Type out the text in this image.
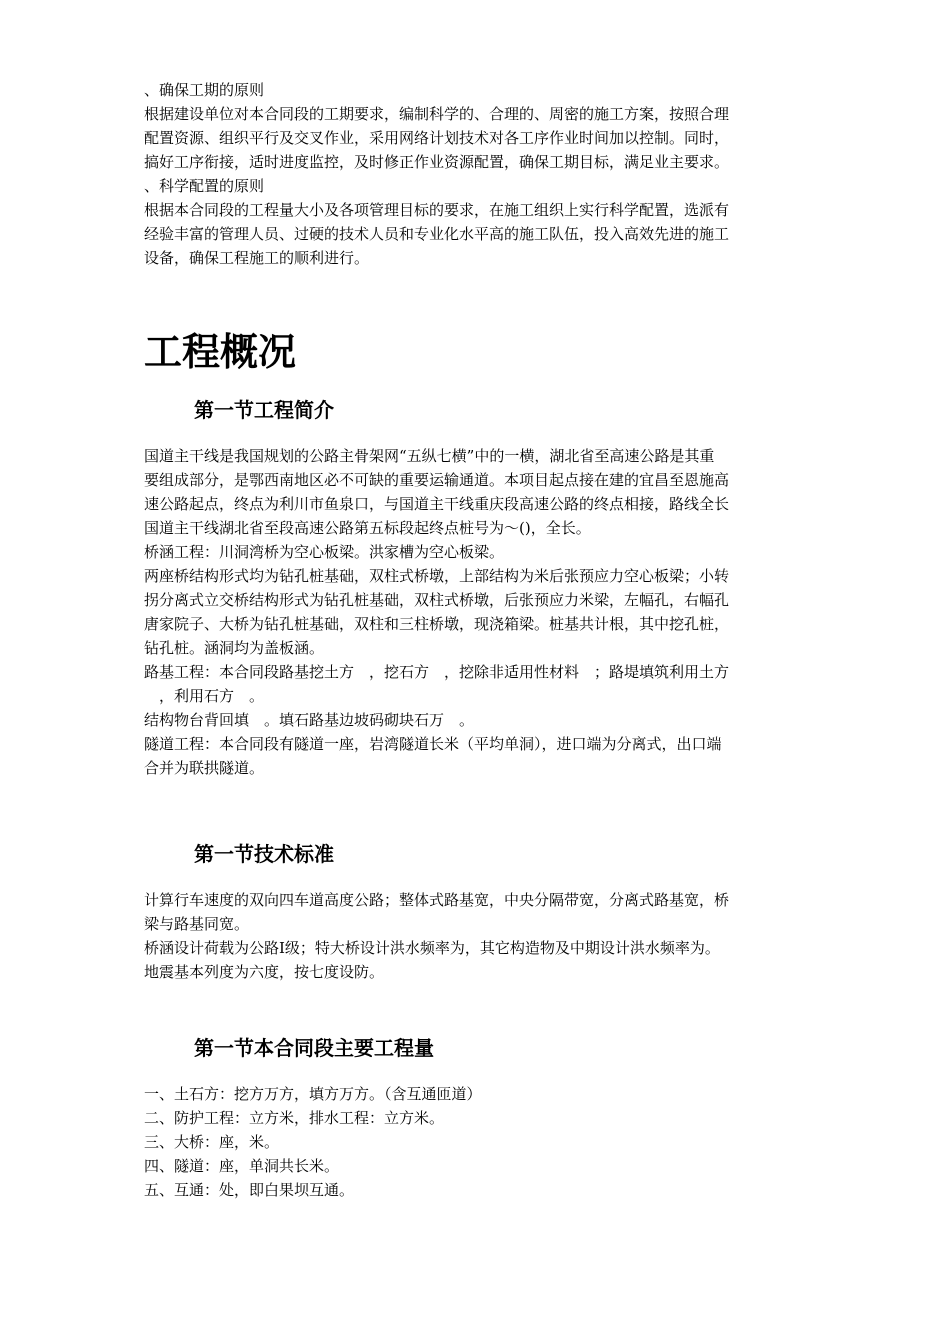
、确保工期的原则
根据建设单位对本合同段的工期要求，编制科学的、合理的、周密的施工方案，按照合理
配置资源、组织平行及交叉作业，采用网络计划技术对各工序作业时间加以控制。同时，
搞好工序衔接，适时进度监控，及时修正作业资源配置，确保工期目标，满足业主要求。
、科学配置的原则
根据本合同段的工程量大小及各项管理目标的要求，在施工组织上实行科学配置，选派有
经验丰富的管理人员、过硬的技术人员和专业化水平高的施工队伍，投入高效先进的施工
设备，确保工程施工的顺利进行。
工程概况
第一节工程简介
国道主干线是我国规划的公路主骨架网“五纵七横”中的一横，湖北省至高速公路是其重
要组成部分，是鄂西南地区必不可缺的重要运输通道。本项目起点接在建的宜昌至恩施高
速公路起点，终点为利川市鱼泉口，与国道主干线重庆段高速公路的终点相接，路线全长
国道主干线湖北省至段高速公路第五标段起终点桩号为～()，全长。
桥涵工程：川洞湾桥为空心板梁。洪家槽为空心板梁。
两座桥结构形式均为钻孔桩基础，双柱式桥墩，上部结构为米后张预应力空心板梁；小转
拐分离式立交桥结构形式为钻孔桩基础，双柱式桥墩，后张预应力米梁，左幅孔，右幅孔
唐家院子、大桥为钻孔桩基础，双柱和三柱桥墩，现浇箱梁。桩基共计根，其中挖孔桩，
钻孔桩。涵洞均为盖板涵。
路基工程：本合同段路基挖土方　，挖石方　，挖除非适用性材料　；路堤填筑利用土方
　，利用石方　。
结构物台背回填　。填石路基边坡码砌块石万　。
隧道工程：本合同段有隧道一座，岩湾隧道长米（平均单洞），进口端为分离式，出口端
合并为联拱隧道。
第一节技术标准
计算行车速度的双向四车道高度公路；整体式路基宽，中央分隔带宽，分离式路基宽，桥
梁与路基同宽。
桥涵设计荷载为公路Ⅰ级；特大桥设计洪水频率为，其它构造物及中期设计洪水频率为。
地震基本列度为六度，按七度设防。
第一节本合同段主要工程量
一、土石方：挖方万方，填方万方。（含互通匝道）
二、防护工程：立方米，排水工程：立方米。
三、大桥：座，米。
四、隧道：座，单洞共长米。
五、互通：处，即白果坝互通。
